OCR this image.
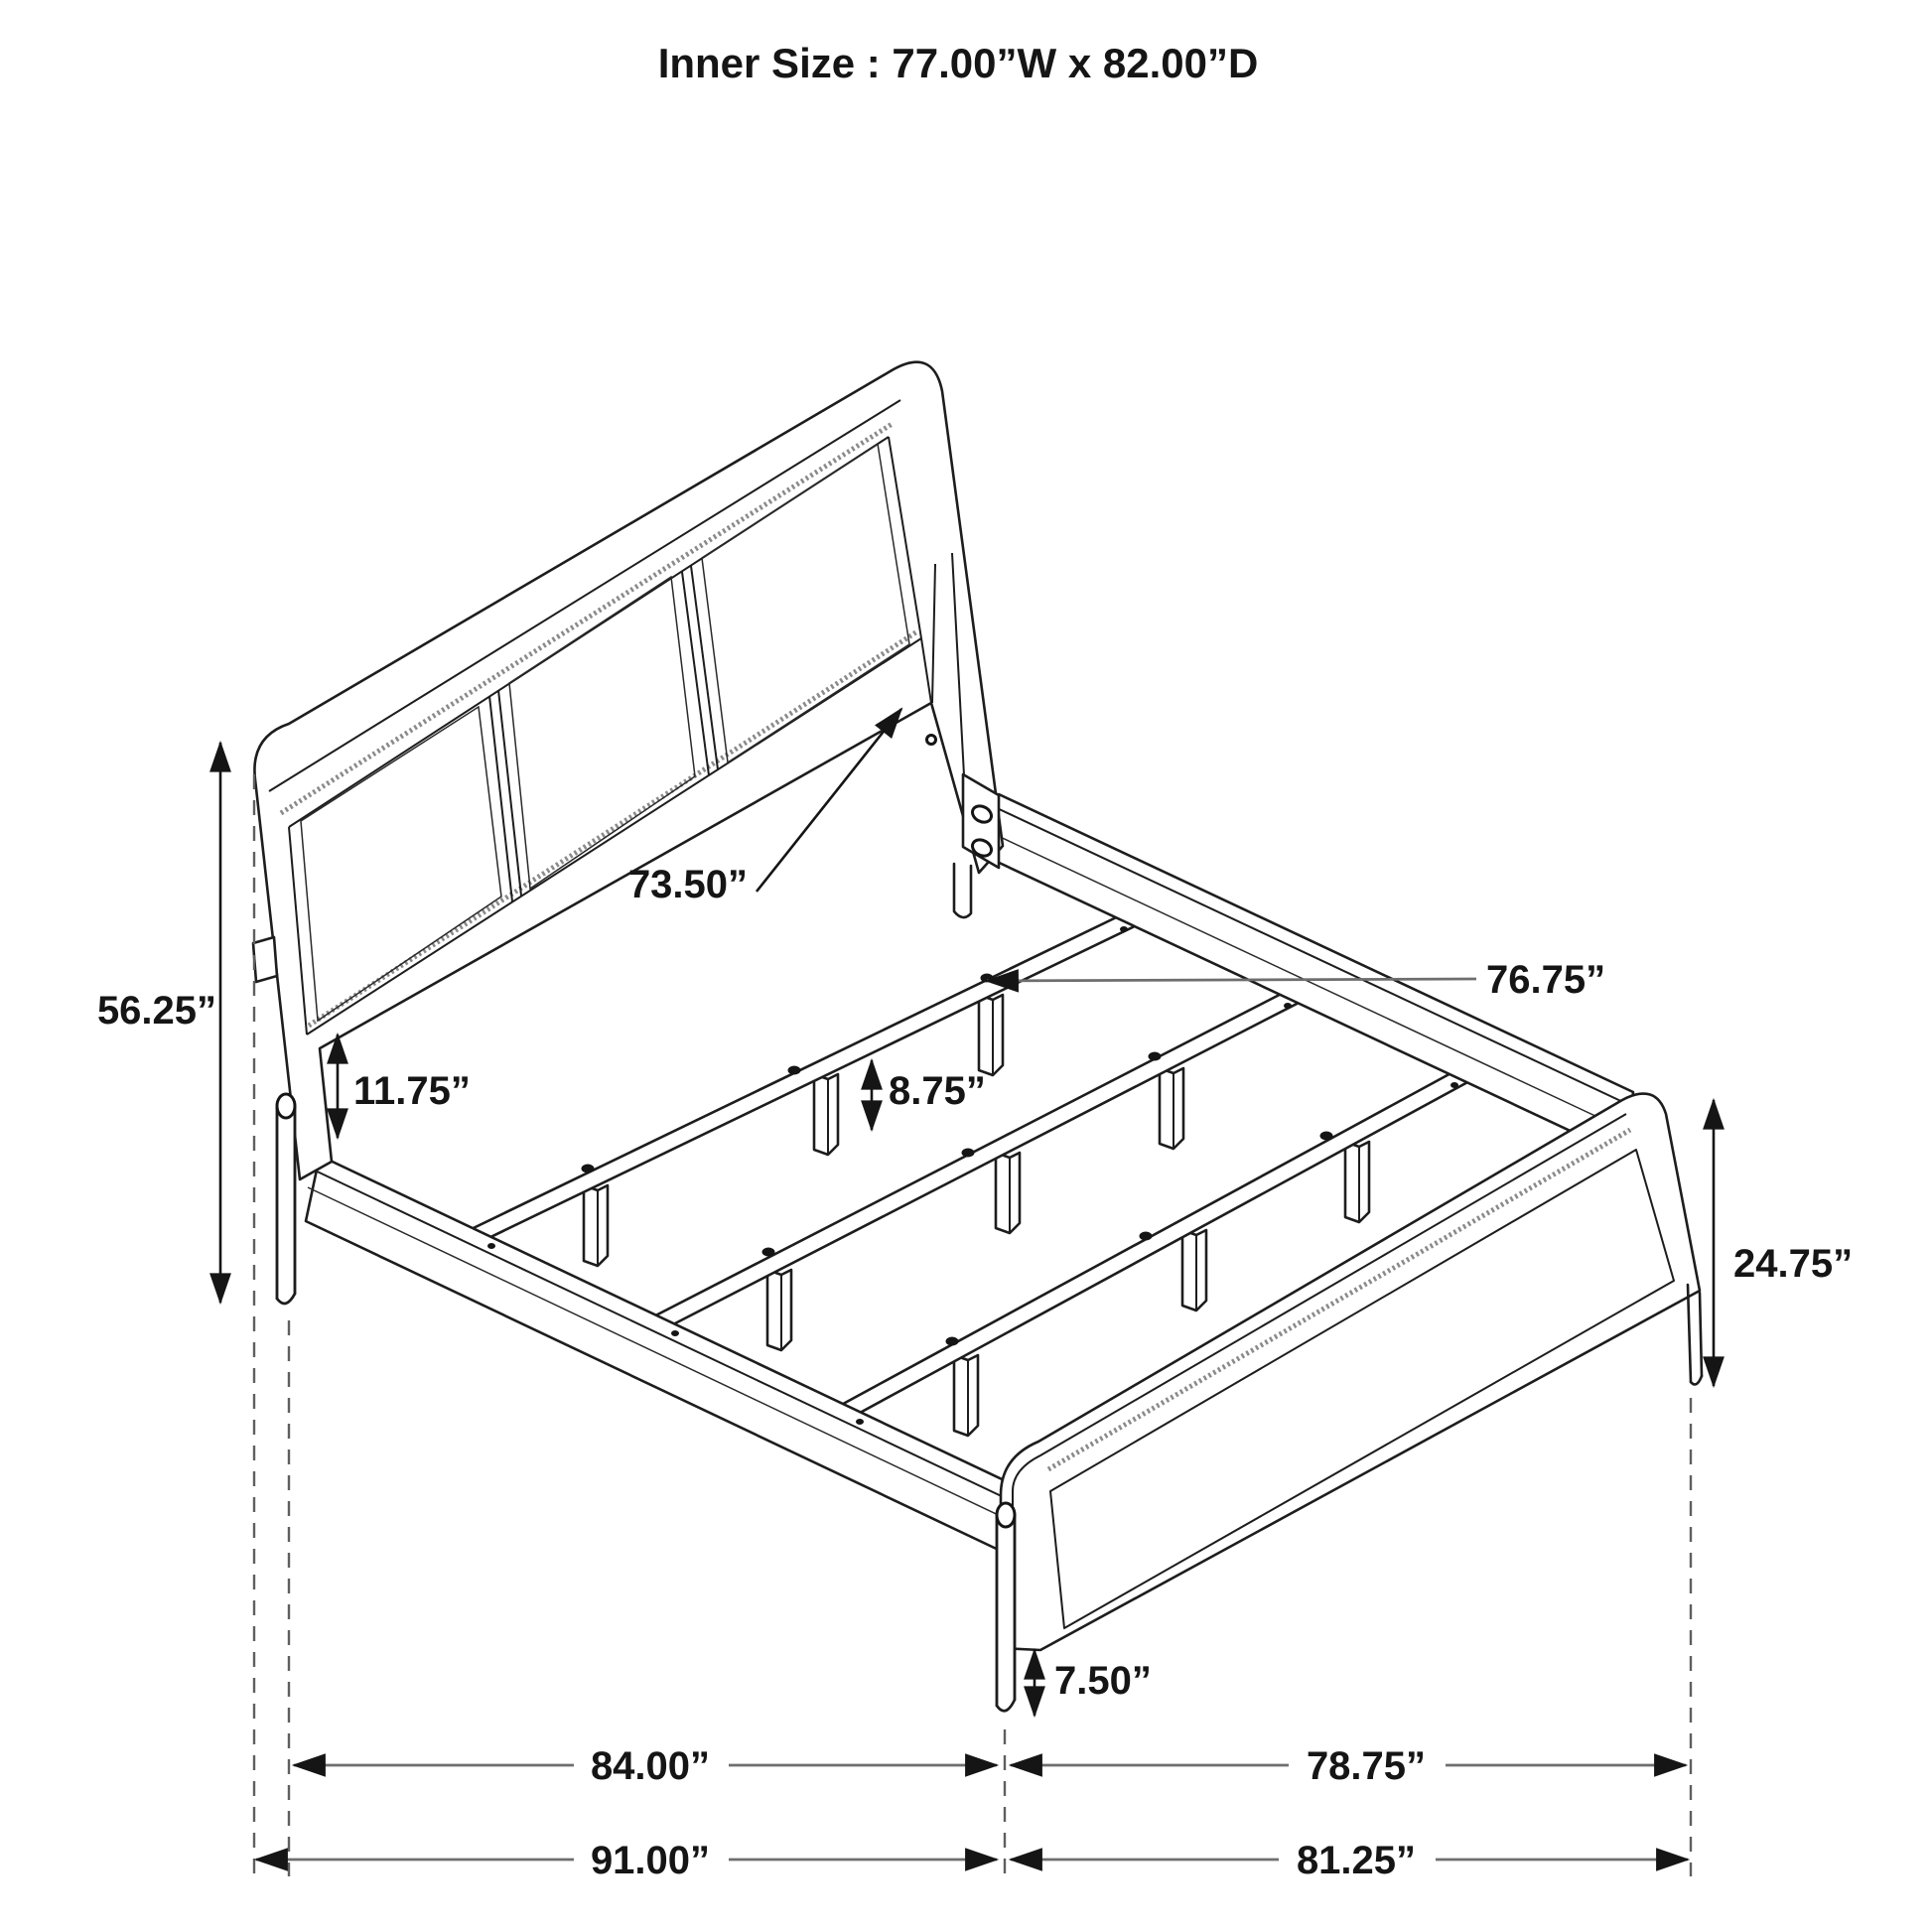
Inner Size : 77.00”W x 82.00”D
73.50”
56.25”
11.75”	8.75”
76.75”
24.75”
7.50”
84.00”	78.75”
91.00”	81.25”
